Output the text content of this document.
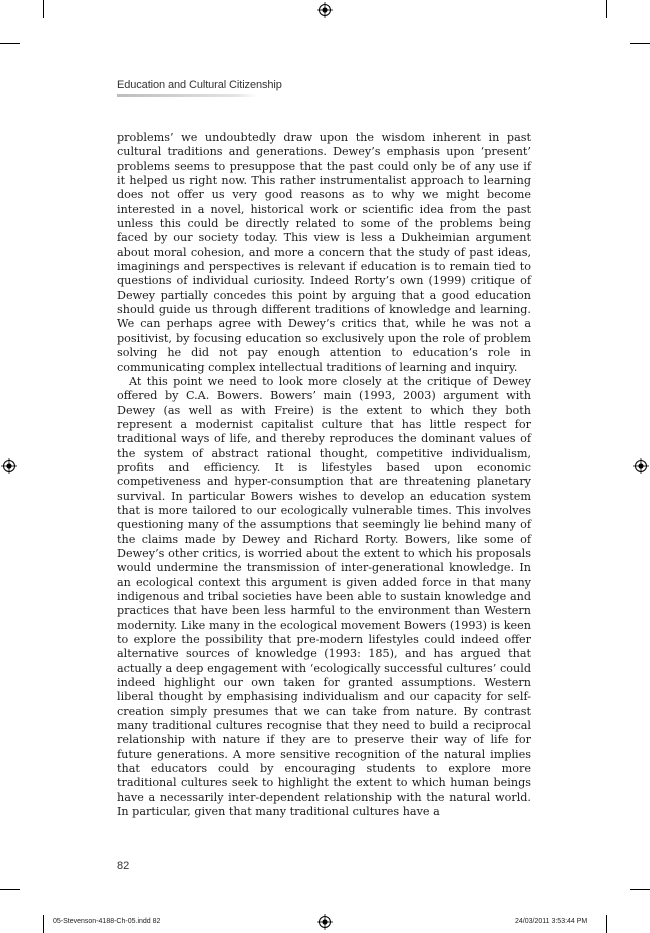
Education and Cultural Citizenship

problems’ we undoubtedly draw upon the wisdom inherent in past cultural traditions and generations. Dewey’s emphasis upon ‘present’ problems seems to presuppose that the past could only be of any use if it helped us right now. This rather instrumentalist approach to learning does not offer us very good reasons as to why we might become interested in a novel, historical work or scientific idea from the past unless this could be directly related to some of the problems being faced by our society today. This view is less a Dukheimian argument about moral cohesion, and more a concern that the study of past ideas, imaginings and perspectives is relevant if education is to remain tied to questions of individual curiosity. Indeed Rorty’s own (1999) critique of Dewey partially concedes this point by arguing that a good education should guide us through different traditions of knowledge and learning. We can perhaps agree with Dewey’s critics that, while he was not a positivist, by focusing education so exclusively upon the role of problem solving he did not pay enough attention to education’s role in communicating complex intellectual traditions of learning and inquiry.

At this point we need to look more closely at the critique of Dewey offered by C.A. Bowers. Bowers’ main (1993, 2003) argument with Dewey (as well as with Freire) is the extent to which they both represent a modernist capitalist culture that has little respect for traditional ways of life, and thereby reproduces the dominant values of the system of abstract rational thought, competitive individualism, profits and efficiency. It is lifestyles based upon economic competiveness and hyper-consumption that are threatening planetary survival. In particular Bowers wishes to develop an education system that is more tailored to our ecologically vulnerable times. This involves questioning many of the assumptions that seemingly lie behind many of the claims made by Dewey and Richard Rorty. Bowers, like some of Dewey’s other critics, is worried about the extent to which his proposals would undermine the transmission of inter-generational knowledge. In an ecological context this argument is given added force in that many indigenous and tribal societies have been able to sustain knowledge and practices that have been less harmful to the environment than Western modernity. Like many in the ecological movement Bowers (1993) is keen to explore the possibility that pre-modern lifestyles could indeed offer alternative sources of knowledge (1993: 185), and has argued that actually a deep engagement with ‘ecologically successful cultures’ could indeed highlight our own taken for granted assumptions. Western liberal thought by emphasising individualism and our capacity for self-creation simply presumes that we can take from nature. By contrast many traditional cultures recognise that they need to build a reciprocal relationship with nature if they are to preserve their way of life for future generations. A more sensitive recognition of the natural implies that educators could by encouraging students to explore more traditional cultures seek to highlight the extent to which human beings have a necessarily inter-dependent relationship with the natural world. In particular, given that many traditional cultures have a

82
05-Stevenson-4188-Ch-05.indd 82	24/03/2011 3:53:44 PM
